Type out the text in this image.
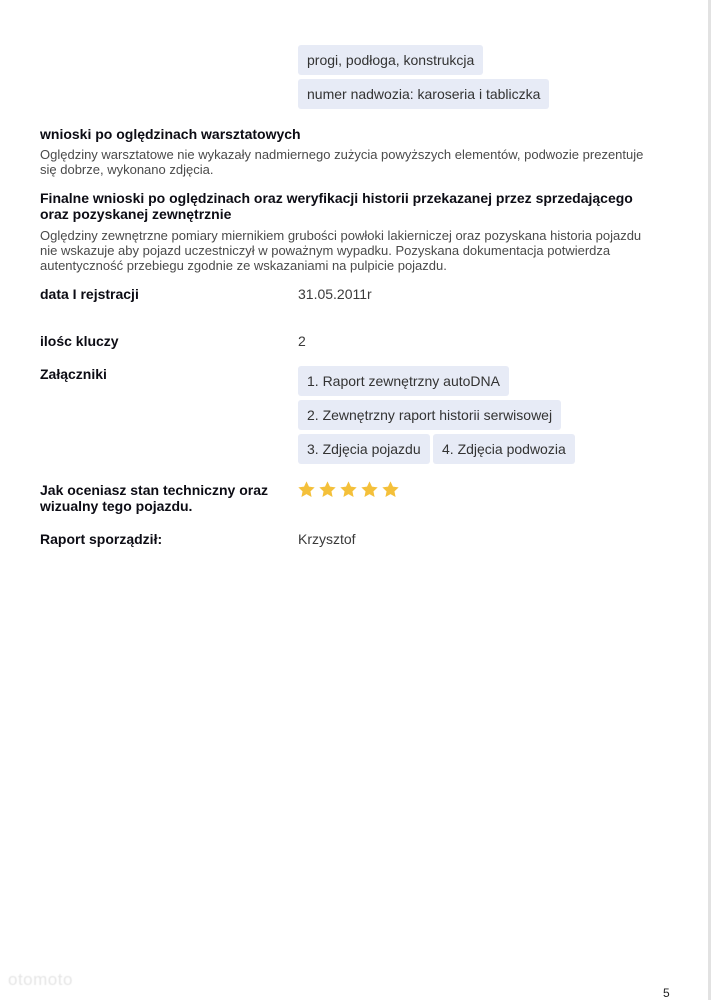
progi, podłoga, konstrukcja
numer nadwozia: karoseria i tabliczka
wnioski po oględzinach warsztatowych
Oględziny warsztatowe nie wykazały nadmiernego zużycia powyższych elementów, podwozie prezentuje się dobrze, wykonano zdjęcia.
Finalne wnioski po oględzinach oraz weryfikacji historii przekazanej przez sprzedającego oraz pozyskanej zewnętrznie
Oględziny zewnętrzne pomiary miernikiem grubości powłoki lakierniczej oraz pozyskana historia pojazdu nie wskazuje aby pojazd uczestniczył w poważnym wypadku. Pozyskana dokumentacja potwierdza autentyczność przebiegu zgodnie ze wskazaniami na pulpicie pojazdu.
data I rejstracji	31.05.2011r
ilośc kluczy	2
Załączniki	1. Raport zewnętrzny autoDNA
2. Zewnętrzny raport historii serwisowej
3. Zdjęcia pojazdu	4. Zdjęcia podwozia
Jak oceniasz stan techniczny oraz wizualny tego pojazdu.
Raport sporządził:	Krzysztof
otomoto
5
